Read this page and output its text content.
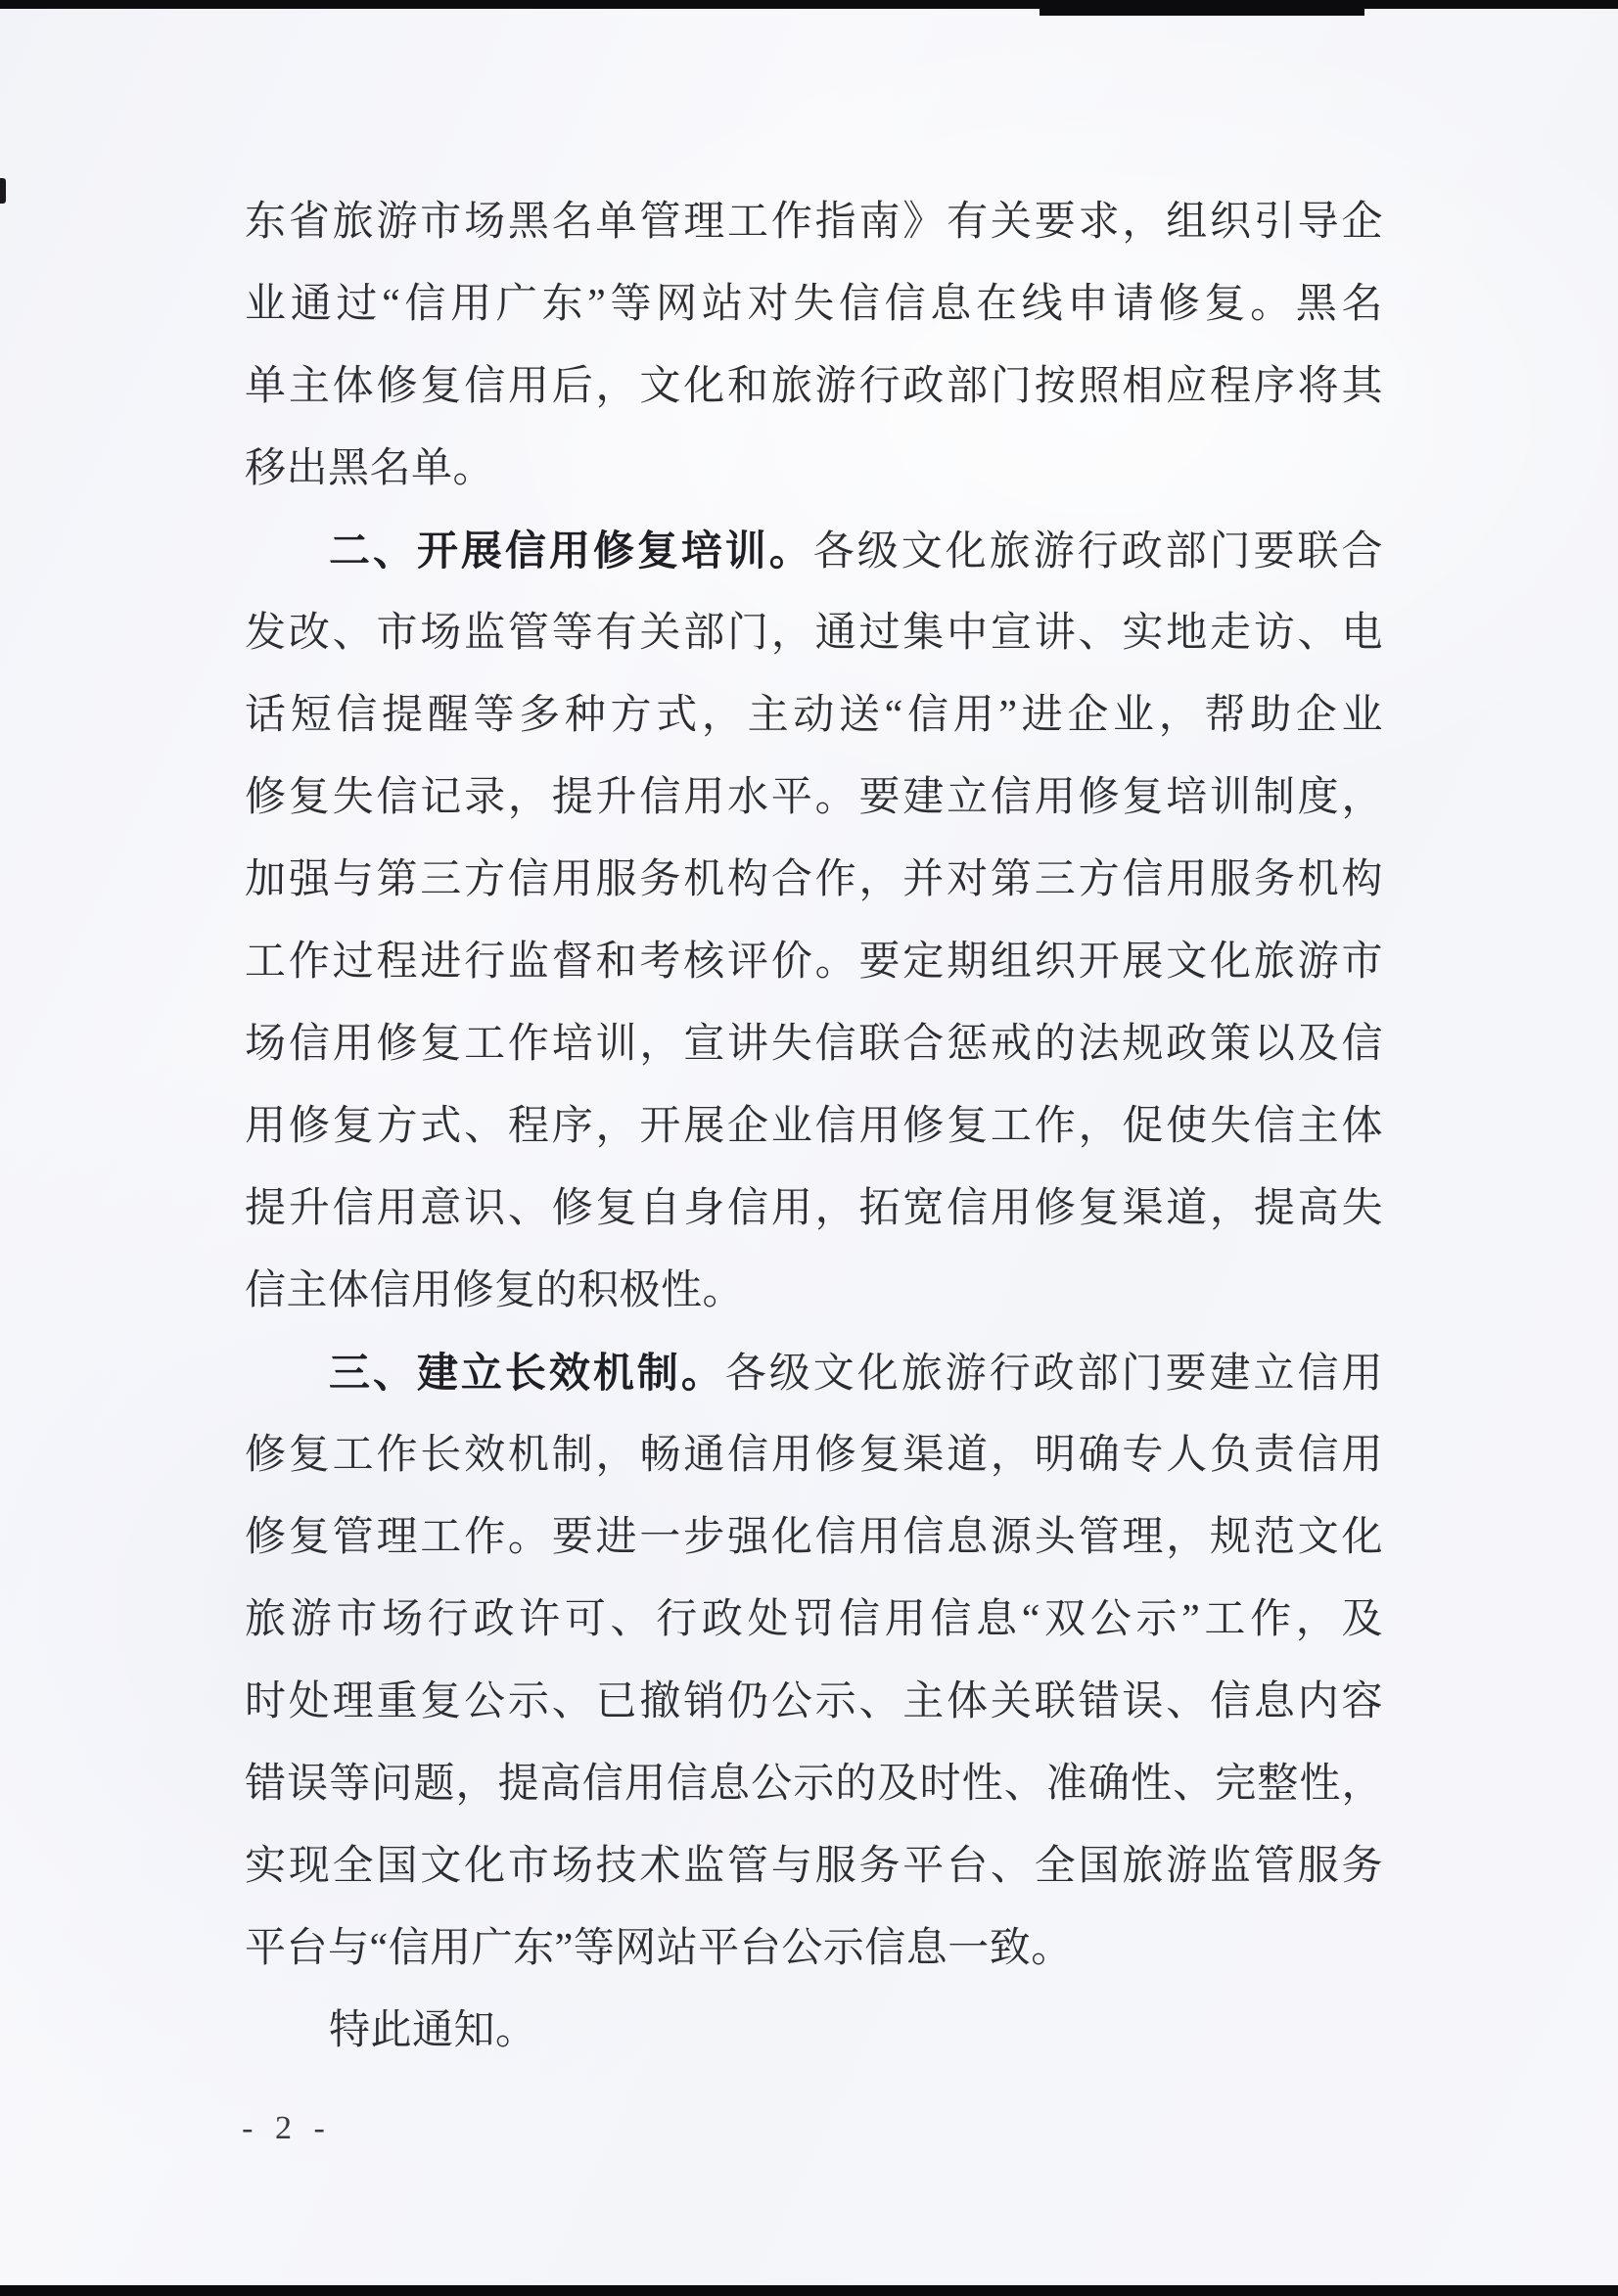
东省旅游市场黑名单管理工作指南》有关要求，组织引导企
业通过“信用广东”等网站对失信信息在线申请修复。黑名
单主体修复信用后，文化和旅游行政部门按照相应程序将其
移出黑名单。
二、开展信用修复培训。各级文化旅游行政部门要联合
发改、市场监管等有关部门，通过集中宣讲、实地走访、电
话短信提醒等多种方式，主动送“信用”进企业，帮助企业
修复失信记录，提升信用水平。要建立信用修复培训制度，
加强与第三方信用服务机构合作，并对第三方信用服务机构
工作过程进行监督和考核评价。要定期组织开展文化旅游市
场信用修复工作培训，宣讲失信联合惩戒的法规政策以及信
用修复方式、程序，开展企业信用修复工作，促使失信主体
提升信用意识、修复自身信用，拓宽信用修复渠道，提高失
信主体信用修复的积极性。
三、建立长效机制。各级文化旅游行政部门要建立信用
修复工作长效机制，畅通信用修复渠道，明确专人负责信用
修复管理工作。要进一步强化信用信息源头管理，规范文化
旅游市场行政许可、行政处罚信用信息“双公示”工作，及
时处理重复公示、已撤销仍公示、主体关联错误、信息内容
错误等问题，提高信用信息公示的及时性、准确性、完整性，
实现全国文化市场技术监管与服务平台、全国旅游监管服务
平台与“信用广东”等网站平台公示信息一致。
特此通知。
- 2 -
